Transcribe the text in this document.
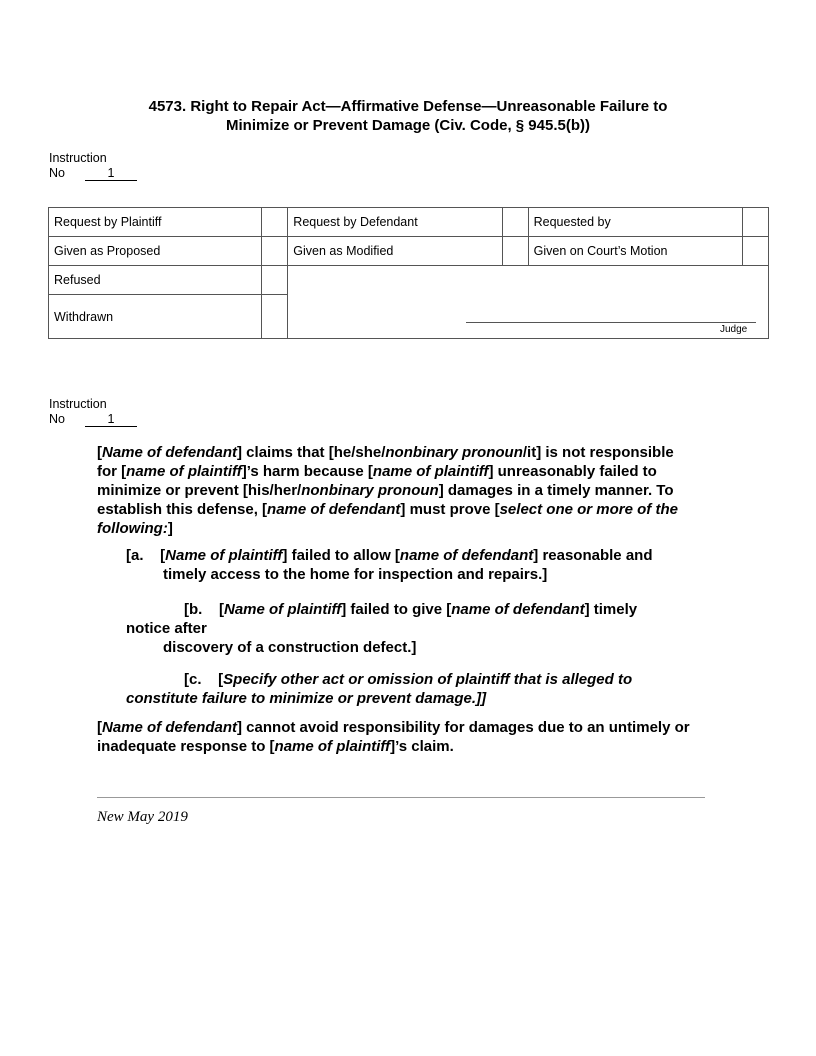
4573. Right to Repair Act—Affirmative Defense—Unreasonable Failure to
Minimize or Prevent Damage (Civ. Code, § 945.5(b))
Instruction
No	1
Request by Plaintiff		Request by Defendant		Requested by	
Given as Proposed		Given as Modified		Given on Court’s Motion	
Refused					
Withdrawn					
Judge
Instruction
No	1
[Name of defendant] claims that [he/she/nonbinary pronoun/it] is not responsible for [name of plaintiff]’s harm because [name of plaintiff] unreasonably failed to minimize or prevent [his/her/nonbinary pronoun] damages in a timely manner. To establish this defense, [name of defendant] must prove [select one or more of the following:]
[a.    [Name of plaintiff] failed to allow [name of defendant] reasonable and
timely access to the home for inspection and repairs.]
[b.    [Name of plaintiff] failed to give [name of defendant] timely
notice after
discovery of a construction defect.]
[c.    [Specify other act or omission of plaintiff that is alleged to
constitute failure to minimize or prevent damage.]]
[Name of defendant] cannot avoid responsibility for damages due to an untimely or inadequate response to [name of plaintiff]’s claim.
New May 2019
